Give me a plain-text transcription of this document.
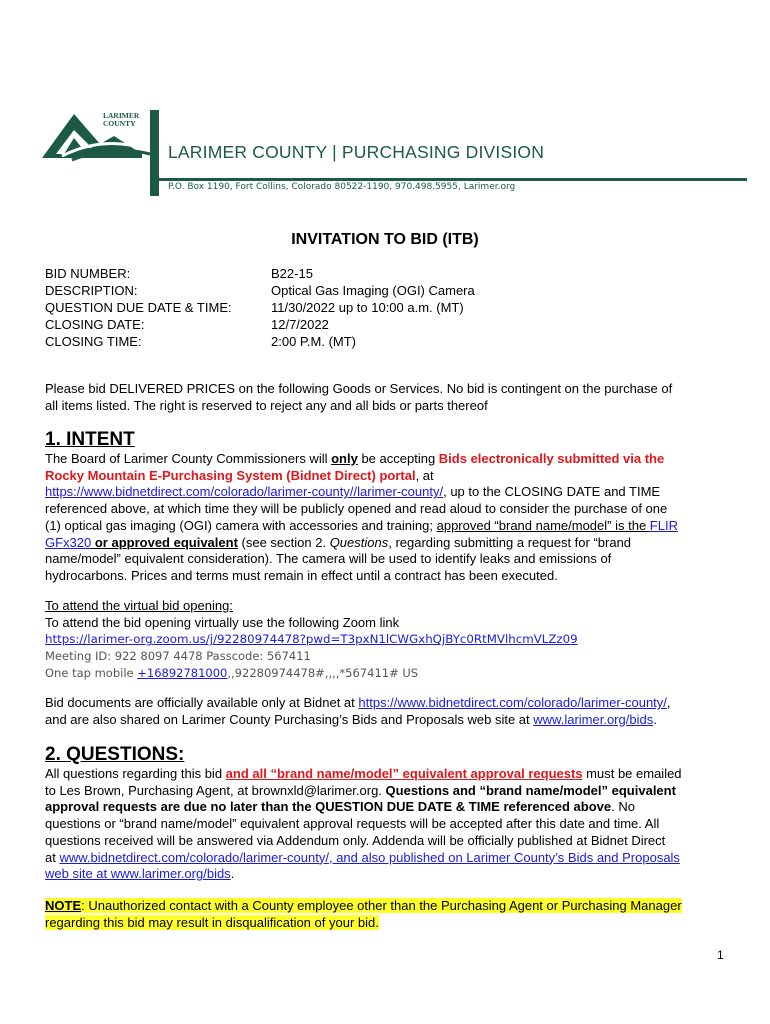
LARIMER
COUNTY
LARIMER COUNTY | PURCHASING DIVISION
P.O. Box 1190, Fort Collins, Colorado 80522-1190, 970.498.5955, Larimer.org
INVITATION TO BID (ITB)
BID NUMBER:	B22-15
DESCRIPTION:	Optical Gas Imaging (OGI) Camera
QUESTION DUE DATE & TIME:	11/30/2022 up to 10:00 a.m. (MT)
CLOSING DATE:	12/7/2022
CLOSING TIME:	2:00 P.M. (MT)

Please bid DELIVERED PRICES on the following Goods or Services. No bid is contingent on the purchase of

all items listed. The right is reserved to reject any and all bids or parts thereof

1. INTENT

The Board of Larimer County Commissioners will only be accepting Bids electronically submitted via the

Rocky Mountain E-Purchasing System (Bidnet Direct) portal, at

https://www.bidnetdirect.com/colorado/larimer-county//larimer-county/, up to the CLOSING DATE and TIME

referenced above, at which time they will be publicly opened and read aloud to consider the purchase of one

(1) optical gas imaging (OGI) camera with accessories and training; approved “brand name/model” is the FLIR

GFx320 or approved equivalent (see section 2. Questions, regarding submitting a request for “brand

name/model” equivalent consideration). The camera will be used to identify leaks and emissions of

hydrocarbons. Prices and terms must remain in effect until a contract has been executed.

To attend the virtual bid opening:

To attend the bid opening virtually use the following Zoom link

https://larimer-org.zoom.us/j/92280974478?pwd=T3pxN1lCWGxhQjBYc0RtMVlhcmVLZz09

Meeting ID: 922 8097 4478 Passcode: 567411

One tap mobile +16892781000,,92280974478#,,,,*567411# US

Bid documents are officially available only at Bidnet at https://www.bidnetdirect.com/colorado/larimer-county/,

and are also shared on Larimer County Purchasing’s Bids and Proposals web site at www.larimer.org/bids.

2. QUESTIONS:

All questions regarding this bid and all “brand name/model” equivalent approval requests must be emailed

to Les Brown, Purchasing Agent, at brownxld@larimer.org. Questions and “brand name/model” equivalent

approval requests are due no later than the QUESTION DUE DATE & TIME referenced above. No

questions or “brand name/model” equivalent approval requests will be accepted after this date and time. All

questions received will be answered via Addendum only. Addenda will be officially published at Bidnet Direct

at www.bidnetdirect.com/colorado/larimer-county/, and also published on Larimer County’s Bids and Proposals

web site at www.larimer.org/bids.

NOTE: Unauthorized contact with a County employee other than the Purchasing Agent or Purchasing Manager

regarding this bid may result in disqualification of your bid.

1
